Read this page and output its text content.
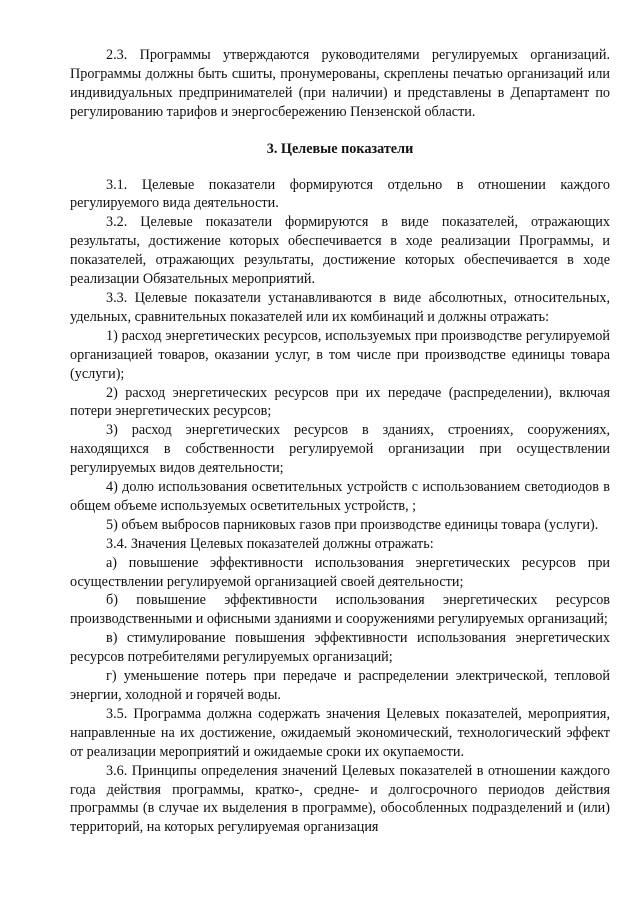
2.3. Программы утверждаются руководителями регулируемых организаций. Программы должны быть сшиты, пронумерованы, скреплены печатью организаций или индивидуальных предпринимателей (при наличии) и представлены в Департамент по регулированию тарифов и энергосбережению Пензенской области.

3. Целевые показатели

3.1. Целевые показатели формируются отдельно в отношении каждого регулируемого вида деятельности.

3.2. Целевые показатели формируются в виде показателей, отражающих результаты, достижение которых обеспечивается в ходе реализации Программы, и показателей, отражающих результаты, достижение которых обеспечивается в ходе реализации Обязательных мероприятий.

3.3. Целевые показатели устанавливаются в виде абсолютных, относительных, удельных, сравнительных показателей или их комбинаций и должны отражать:

1) расход энергетических ресурсов, используемых при производстве регулируемой организацией товаров, оказании услуг, в том числе при производстве единицы товара (услуги);

2) расход энергетических ресурсов при их передаче (распределении), включая потери энергетических ресурсов;

3) расход энергетических ресурсов в зданиях, строениях, сооружениях, находящихся в собственности регулируемой организации при осуществлении регулируемых видов деятельности;

4) долю использования осветительных устройств с использованием светодиодов в общем объеме используемых осветительных устройств, ;

5) объем выбросов парниковых газов при производстве единицы товара (услуги).

3.4. Значения Целевых показателей должны отражать:

а) повышение эффективности использования энергетических ресурсов при осуществлении регулируемой организацией своей деятельности;

б) повышение эффективности использования энергетических ресурсов производственными и офисными зданиями и сооружениями регулируемых организаций;

в) стимулирование повышения эффективности использования энергетических ресурсов потребителями регулируемых организаций;

г) уменьшение потерь при передаче и распределении электрической, тепловой энергии, холодной и горячей воды.

3.5. Программа должна содержать значения Целевых показателей, мероприятия, направленные на их достижение, ожидаемый экономический, технологический эффект от реализации мероприятий и ожидаемые сроки их окупаемости.

3.6. Принципы определения значений Целевых показателей в отношении каждого года действия программы, кратко-, средне- и долгосрочного периодов действия программы (в случае их выделения в программе), обособленных подразделений и (или) территорий, на которых регулируемая организация
